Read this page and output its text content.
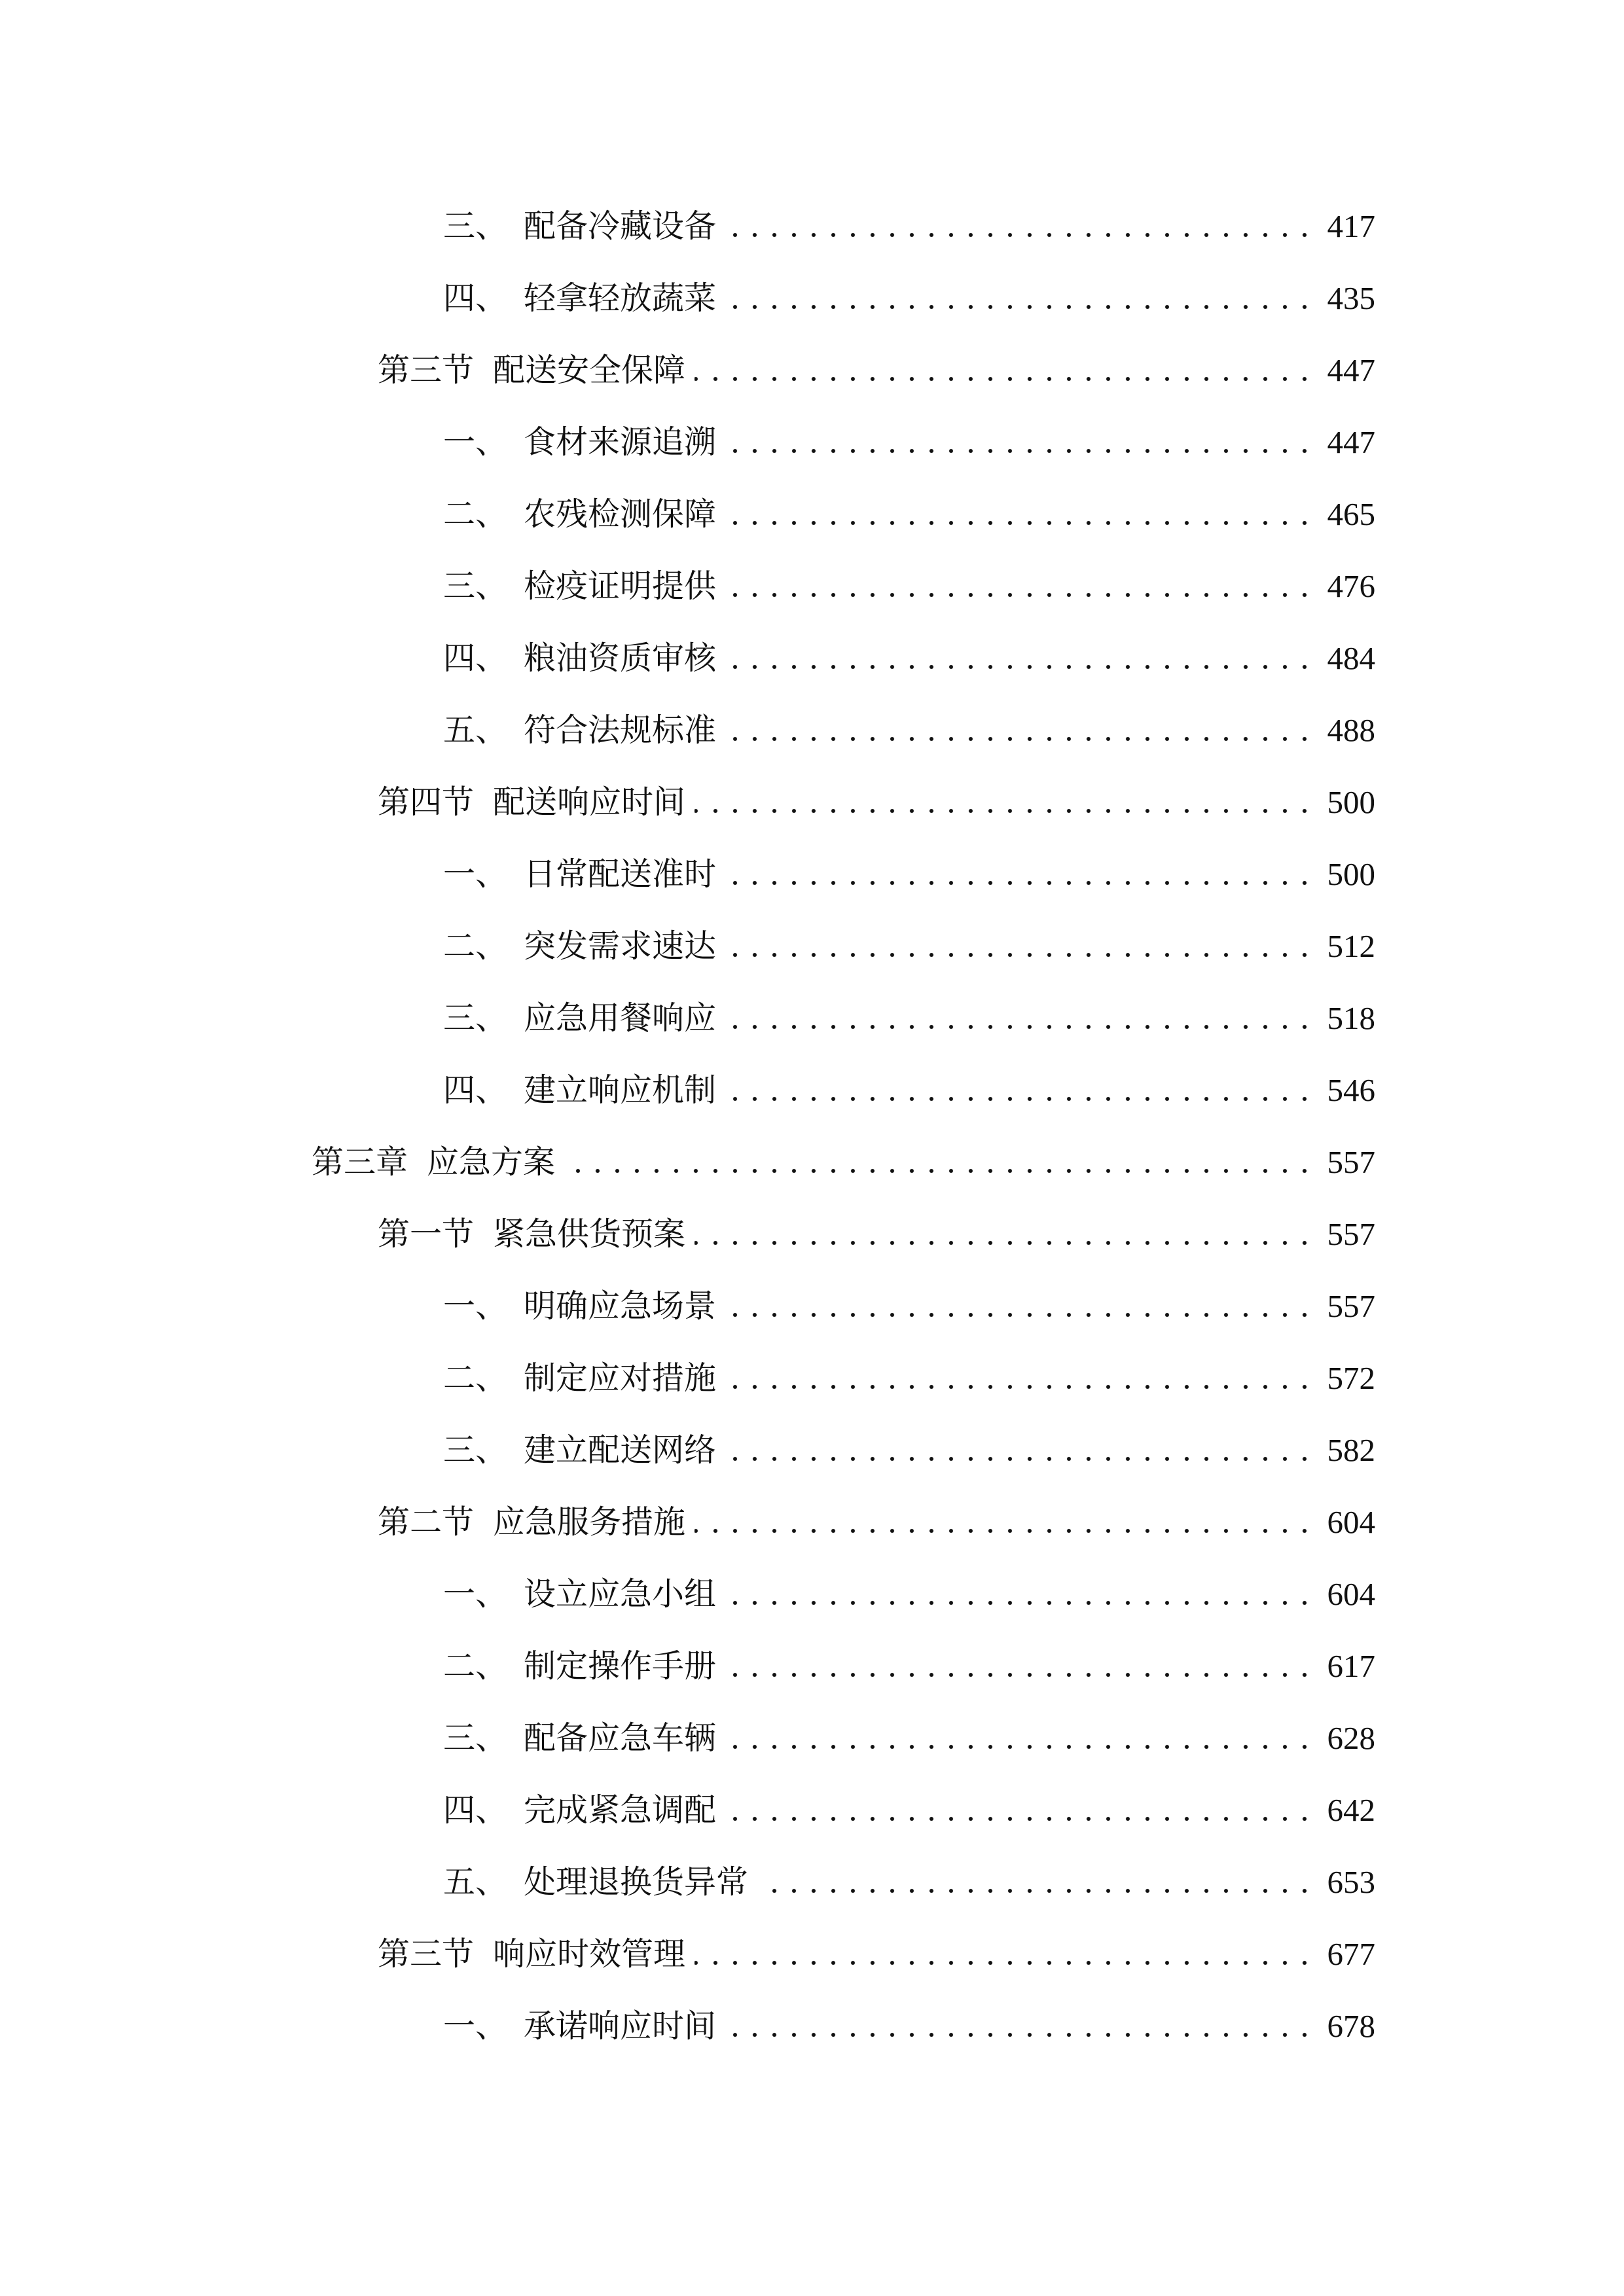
三、 配备冷藏设备	417
四、 轻拿轻放蔬菜	435
第三节 配送安全保障	447
一、 食材来源追溯	447
二、 农残检测保障	465
三、 检疫证明提供	476
四、 粮油资质审核	484
五、 符合法规标准	488
第四节 配送响应时间	500
一、 日常配送准时	500
二、 突发需求速达	512
三、 应急用餐响应	518
四、 建立响应机制	546
第三章 应急方案	557
第一节 紧急供货预案	557
一、 明确应急场景	557
二、 制定应对措施	572
三、 建立配送网络	582
第二节 应急服务措施	604
一、 设立应急小组	604
二、 制定操作手册	617
三、 配备应急车辆	628
四、 完成紧急调配	642
五、 处理退换货异常	653
第三节 响应时效管理	677
一、 承诺响应时间	678
